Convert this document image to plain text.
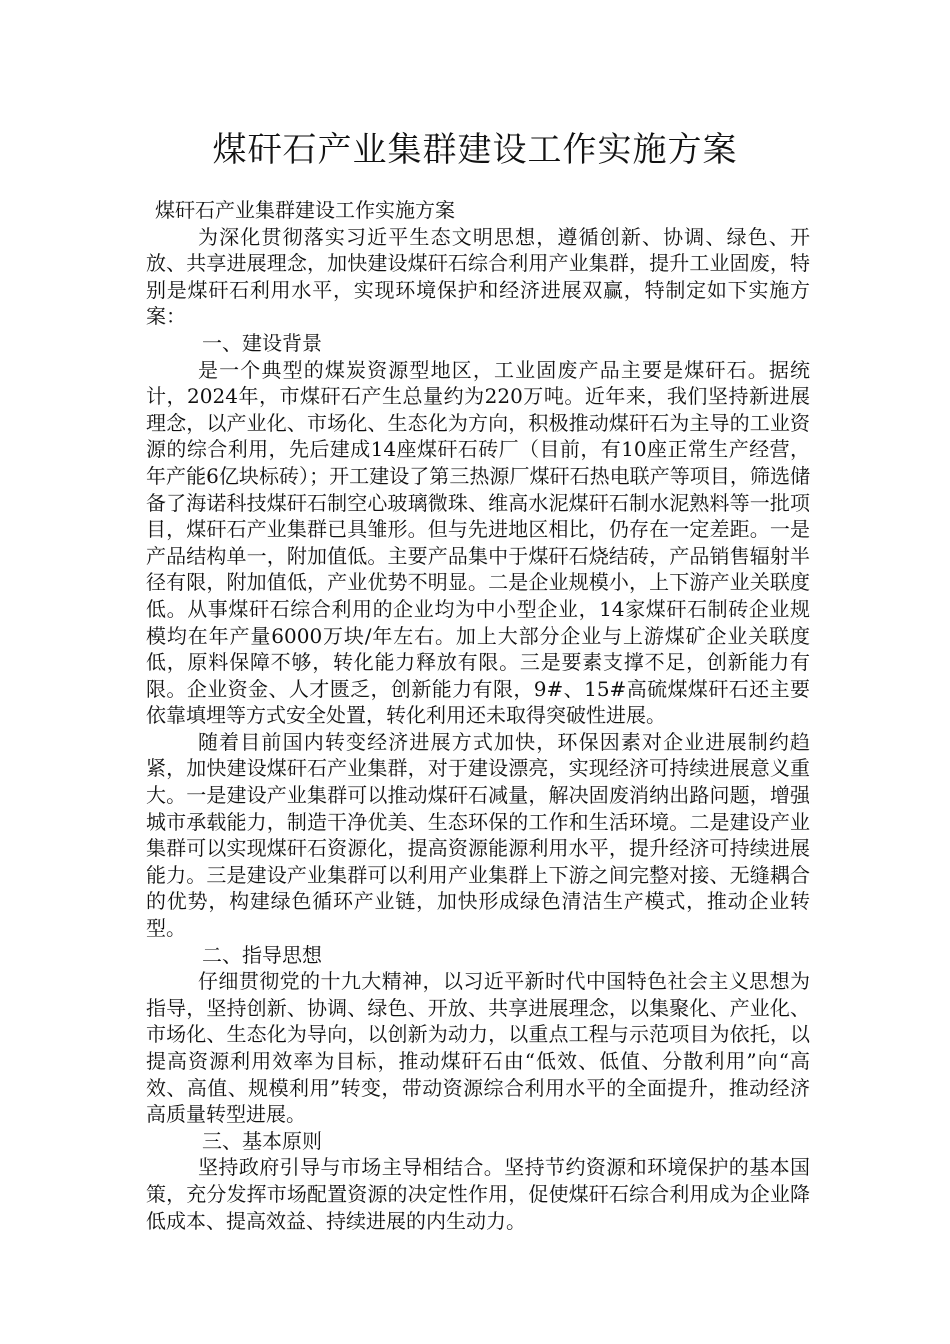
煤矸石产业集群建设工作实施方案

煤矸石产业集群建设工作实施方案

为深化贯彻落实习近平生态文明思想，遵循创新、协调、绿色、开放、共享进展理念，加快建设煤矸石综合利用产业集群，提升工业固废，特别是煤矸石利用水平，实现环境保护和经济进展双赢，特制定如下实施方案：

一、建设背景

是一个典型的煤炭资源型地区，工业固废产品主要是煤矸石。据统计，2024年，市煤矸石产生总量约为220万吨。近年来，我们坚持新进展理念，以产业化、市场化、生态化为方向，积极推动煤矸石为主导的工业资源的综合利用，先后建成14座煤矸石砖厂（目前，有10座正常生产经营，年产能6亿块标砖）；开工建设了第三热源厂煤矸石热电联产等项目，筛选储备了海诺科技煤矸石制空心玻璃微珠、维高水泥煤矸石制水泥熟料等一批项目，煤矸石产业集群已具雏形。但与先进地区相比，仍存在一定差距。一是产品结构单一，附加值低。主要产品集中于煤矸石烧结砖，产品销售辐射半径有限，附加值低，产业优势不明显。二是企业规模小，上下游产业关联度低。从事煤矸石综合利用的企业均为中小型企业，14家煤矸石制砖企业规模均在年产量6000万块/年左右。加上大部分企业与上游煤矿企业关联度低，原料保障不够，转化能力释放有限。三是要素支撑不足，创新能力有限。企业资金、人才匮乏，创新能力有限，9#、15#高硫煤煤矸石还主要依靠填埋等方式安全处置，转化利用还未取得突破性进展。

随着目前国内转变经济进展方式加快，环保因素对企业进展制约趋紧，加快建设煤矸石产业集群，对于建设漂亮，实现经济可持续进展意义重大。一是建设产业集群可以推动煤矸石减量，解决固废消纳出路问题，增强城市承载能力，制造干净优美、生态环保的工作和生活环境。二是建设产业集群可以实现煤矸石资源化，提高资源能源利用水平，提升经济可持续进展能力。三是建设产业集群可以利用产业集群上下游之间完整对接、无缝耦合的优势，构建绿色循环产业链，加快形成绿色清洁生产模式，推动企业转型。

二、指导思想

仔细贯彻党的十九大精神，以习近平新时代中国特色社会主义思想为指导，坚持创新、协调、绿色、开放、共享进展理念，以集聚化、产业化、市场化、生态化为导向，以创新为动力，以重点工程与示范项目为依托，以提高资源利用效率为目标，推动煤矸石由“低效、低值、分散利用”向“高效、高值、规模利用”转变，带动资源综合利用水平的全面提升，推动经济高质量转型进展。

三、基本原则

坚持政府引导与市场主导相结合。坚持节约资源和环境保护的基本国策，充分发挥市场配置资源的决定性作用，促使煤矸石综合利用成为企业降低成本、提高效益、持续进展的内生动力。
